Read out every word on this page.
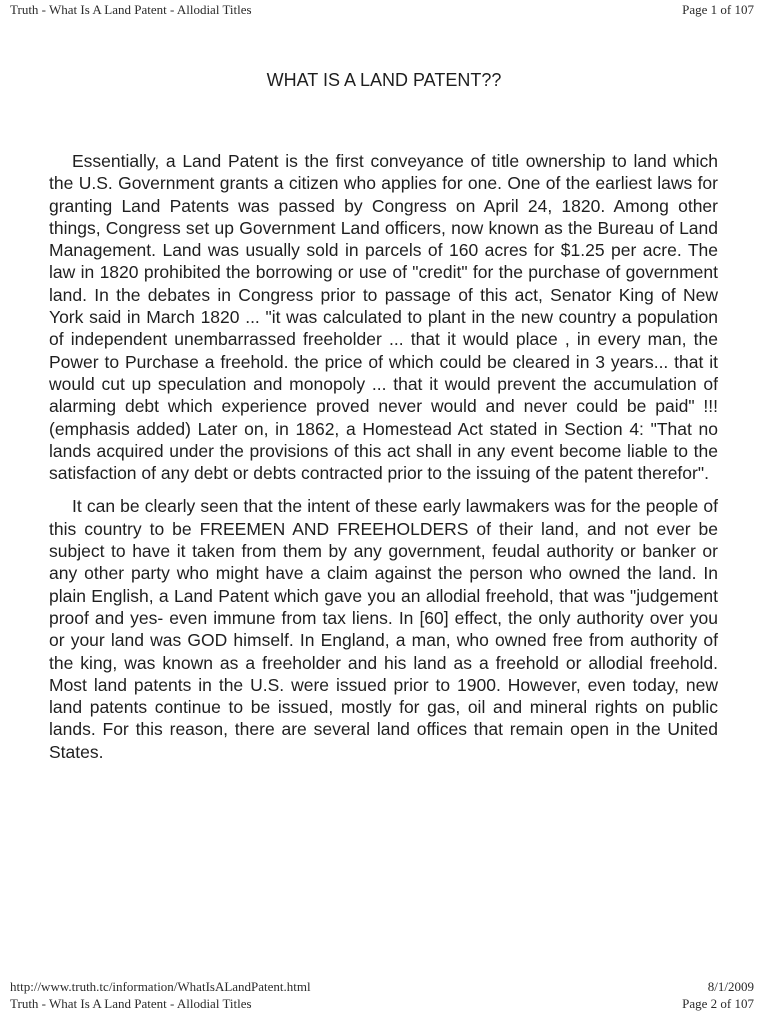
Truth - What Is A Land Patent - Allodial Titles	Page 1 of 107
WHAT IS A LAND PATENT??

Essentially, a Land Patent is the first conveyance of title ownership to land which the U.S. Government grants a citizen who applies for one. One of the earliest laws for granting Land Patents was passed by Congress on April 24, 1820. Among other things, Congress set up Government Land officers, now known as the Bureau of Land Management. Land was usually sold in parcels of 160 acres for $1.25 per acre. The law in 1820 prohibited the borrowing or use of "credit" for the purchase of government land. In the debates in Congress prior to passage of this act, Senator King of New York said in March 1820 ... "it was calculated to plant in the new country a population of independent unembarrassed freeholder ... that it would place , in every man, the Power to Purchase a freehold. the price of which could be cleared in 3 years... that it would cut up speculation and monopoly ... that it would prevent the accumulation of alarming debt which experience proved never would and never could be paid" !!! (emphasis added) Later on, in 1862, a Homestead Act stated in Section 4: "That no lands acquired under the provisions of this act shall in any event become liable to the satisfaction of any debt or debts contracted prior to the issuing of the patent therefor".

It can be clearly seen that the intent of these early lawmakers was for the people of this country to be FREEMEN AND FREEHOLDERS of their land, and not ever be subject to have it taken from them by any government, feudal authority or banker or any other party who might have a claim against the person who owned the land. In plain English, a Land Patent which gave you an allodial freehold, that was "judgement proof and yes- even immune from tax liens. In [60] effect, the only authority over you or your land was GOD himself. In England, a man, who owned free from authority of the king, was known as a freeholder and his land as a freehold or allodial freehold. Most land patents in the U.S. were issued prior to 1900. However, even today, new land patents continue to be issued, mostly for gas, oil and mineral rights on public lands. For this reason, there are several land offices that remain open in the United States.

http://www.truth.tc/information/WhatIsALandPatent.html	8/1/2009
Truth - What Is A Land Patent - Allodial Titles	Page 2 of 107
